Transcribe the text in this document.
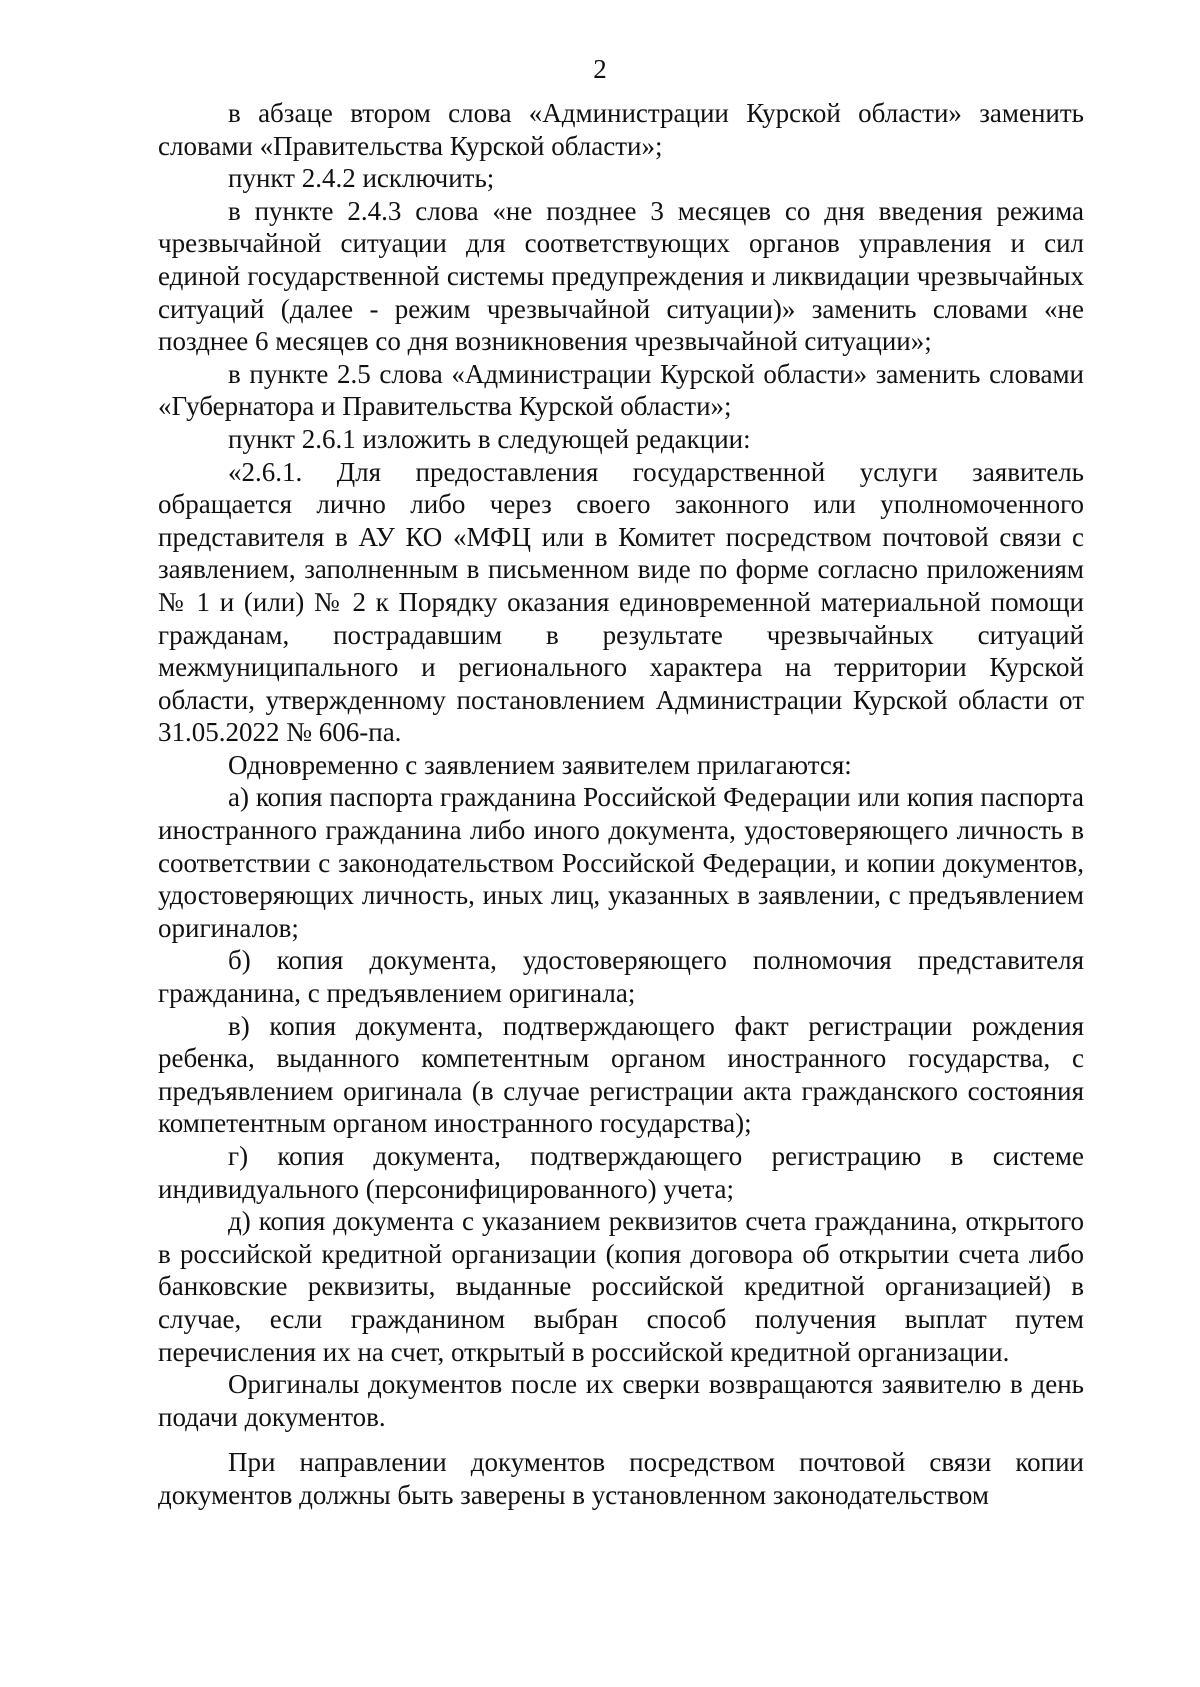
2

в абзаце втором слова «Администрации Курской области» заменить словами «Правительства Курской области»;

пункт 2.4.2 исключить;

в пункте 2.4.3 слова «не позднее 3 месяцев со дня введения режима чрезвычайной ситуации для соответствующих органов управления и сил единой государственной системы предупреждения и ликвидации чрезвычайных ситуаций (далее - режим чрезвычайной ситуации)» заменить словами «не позднее 6 месяцев со дня возникновения чрезвычайной ситуации»;

в пункте 2.5 слова «Администрации Курской области» заменить словами «Губернатора и Правительства Курской области»;

пункт 2.6.1 изложить в следующей редакции:

«2.6.1. Для предоставления государственной услуги заявитель обращается лично либо через своего законного или уполномоченного представителя в АУ КО «МФЦ или в Комитет посредством почтовой связи с заявлением, заполненным в письменном виде по форме согласно приложениям № 1 и (или) № 2 к Порядку оказания единовременной материальной помощи гражданам, пострадавшим в результате чрезвычайных ситуаций межмуниципального и регионального характера на территории Курской области, утвержденному постановлением Администрации Курской области от 31.05.2022 № 606-па.

Одновременно с заявлением заявителем прилагаются:

а) копия паспорта гражданина Российской Федерации или копия паспорта иностранного гражданина либо иного документа, удостоверяющего личность в соответствии с законодательством Российской Федерации, и копии документов, удостоверяющих личность, иных лиц, указанных в заявлении, с предъявлением оригиналов;

б) копия документа, удостоверяющего полномочия представителя гражданина, с предъявлением оригинала;

в) копия документа, подтверждающего факт регистрации рождения ребенка, выданного компетентным органом иностранного государства, с предъявлением оригинала (в случае регистрации акта гражданского состояния компетентным органом иностранного государства);

г) копия документа, подтверждающего регистрацию в системе индивидуального (персонифицированного) учета;

д) копия документа с указанием реквизитов счета гражданина, открытого в российской кредитной организации (копия договора об открытии счета либо банковские реквизиты, выданные российской кредитной организацией) в случае, если гражданином выбран способ получения выплат путем перечисления их на счет, открытый в российской кредитной организации.

Оригиналы документов после их сверки возвращаются заявителю в день подачи документов.

При направлении документов посредством почтовой связи копии документов должны быть заверены в установленном законодательством
